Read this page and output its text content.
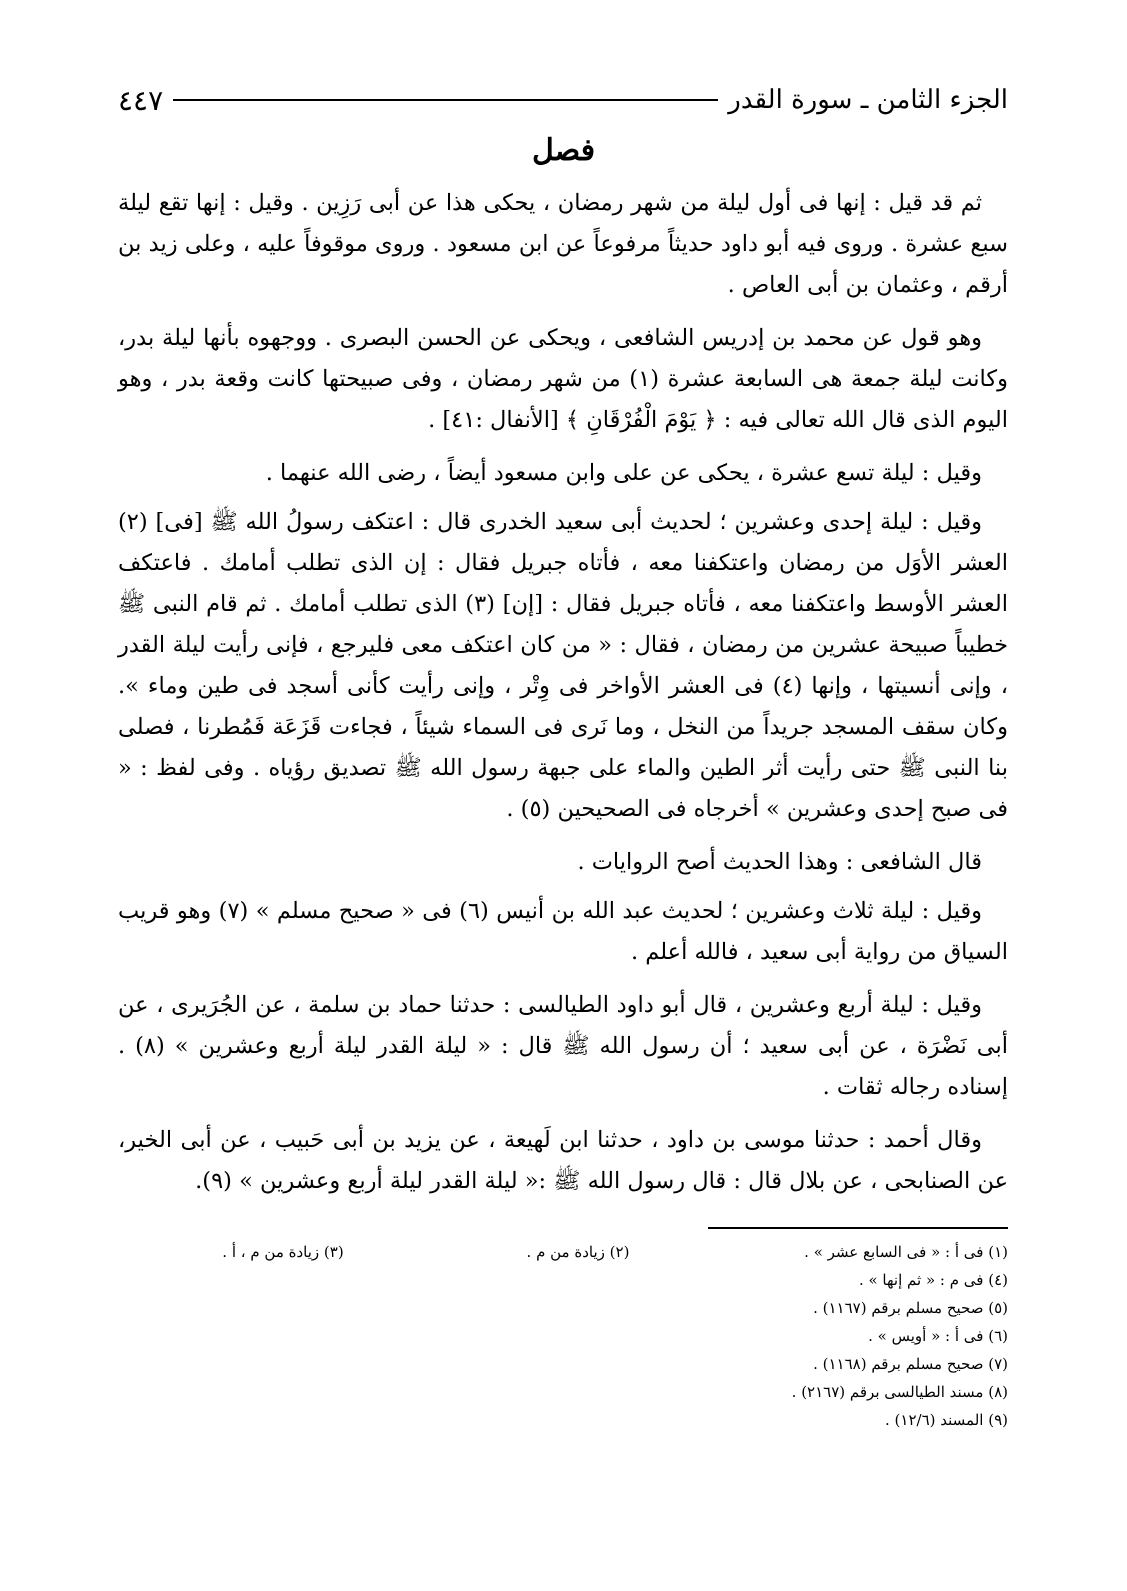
الجزء الثامن ـ سورة القدر
٤٤٧
فصل

ثم قد قيل : إنها فى أول ليلة من شهر رمضان ، يحكى هذا عن أبى رَزِين . وقيل : إنها تقع ليلة سبع عشرة . وروى فيه أبو داود حديثاً مرفوعاً عن ابن مسعود . وروى موقوفاً عليه ، وعلى زيد بن أرقم ، وعثمان بن أبى العاص .

وهو قول عن محمد بن إدريس الشافعى ، ويحكى عن الحسن البصرى . ووجهوه بأنها ليلة بدر، وكانت ليلة جمعة هى السابعة عشرة (١) من شهر رمضان ، وفى صبيحتها كانت وقعة بدر ، وهو اليوم الذى قال الله تعالى فيه : ﴿ يَوْمَ الْفُرْقَانِ ﴾ [الأنفال :٤١] .

وقيل : ليلة تسع عشرة ، يحكى عن على وابن مسعود أيضاً ، رضى الله عنهما .

وقيل : ليلة إحدى وعشرين ؛ لحديث أبى سعيد الخدرى قال : اعتكف رسولُ الله ﷺ [فى] (٢) العشر الأوَل من رمضان واعتكفنا معه ، فأتاه جبريل فقال : إن الذى تطلب أمامك . فاعتكف العشر الأوسط واعتكفنا معه ، فأتاه جبريل فقال : [إن] (٣) الذى تطلب أمامك . ثم قام النبى ﷺ خطيباً صبيحة عشرين من رمضان ، فقال : « من كان اعتكف معى فليرجع ، فإنى رأيت ليلة القدر ، وإنى أنسيتها ، وإنها (٤) فى العشر الأواخر فى وِتْر ، وإنى رأيت كأنى أسجد فى طين وماء ». وكان سقف المسجد جريداً من النخل ، وما نَرى فى السماء شيئاً ، فجاءت قَزَعَة فَمُطرنا ، فصلى بنا النبى ﷺ حتى رأيت أثر الطين والماء على جبهة رسول الله ﷺ تصديق رؤياه . وفى لفظ : « فى صبح إحدى وعشرين » أخرجاه فى الصحيحين (٥) .

قال الشافعى : وهذا الحديث أصح الروايات .

وقيل : ليلة ثلاث وعشرين ؛ لحديث عبد الله بن أنيس (٦) فى « صحيح مسلم » (٧) وهو قريب السياق من رواية أبى سعيد ، فالله أعلم .

وقيل : ليلة أربع وعشرين ، قال أبو داود الطيالسى : حدثنا حماد بن سلمة ، عن الجُرَيرى ، عن أبى نَضْرَة ، عن أبى سعيد ؛ أن رسول الله ﷺ قال : « ليلة القدر ليلة أربع وعشرين » (٨) . إسناده رجاله ثقات .

وقال أحمد : حدثنا موسى بن داود ، حدثنا ابن لَهيعة ، عن يزيد بن أبى حَبيب ، عن أبى الخير، عن الصنابحى ، عن بلال قال : قال رسول الله ﷺ :« ليلة القدر ليلة أربع وعشرين » (٩).

(١) فى أ : « فى السابع عشر » .
(٢) زيادة من م .
(٣) زيادة من م ، أ .
(٤) فى م : « ثم إنها » .
(٥) صحيح مسلم برقم (١١٦٧) .
(٦) فى أ : « أويس » .
(٧) صحيح مسلم برقم (١١٦٨) .
(٨) مسند الطيالسى برقم (٢١٦٧) .
(٩) المسند (١٢/٦) .
